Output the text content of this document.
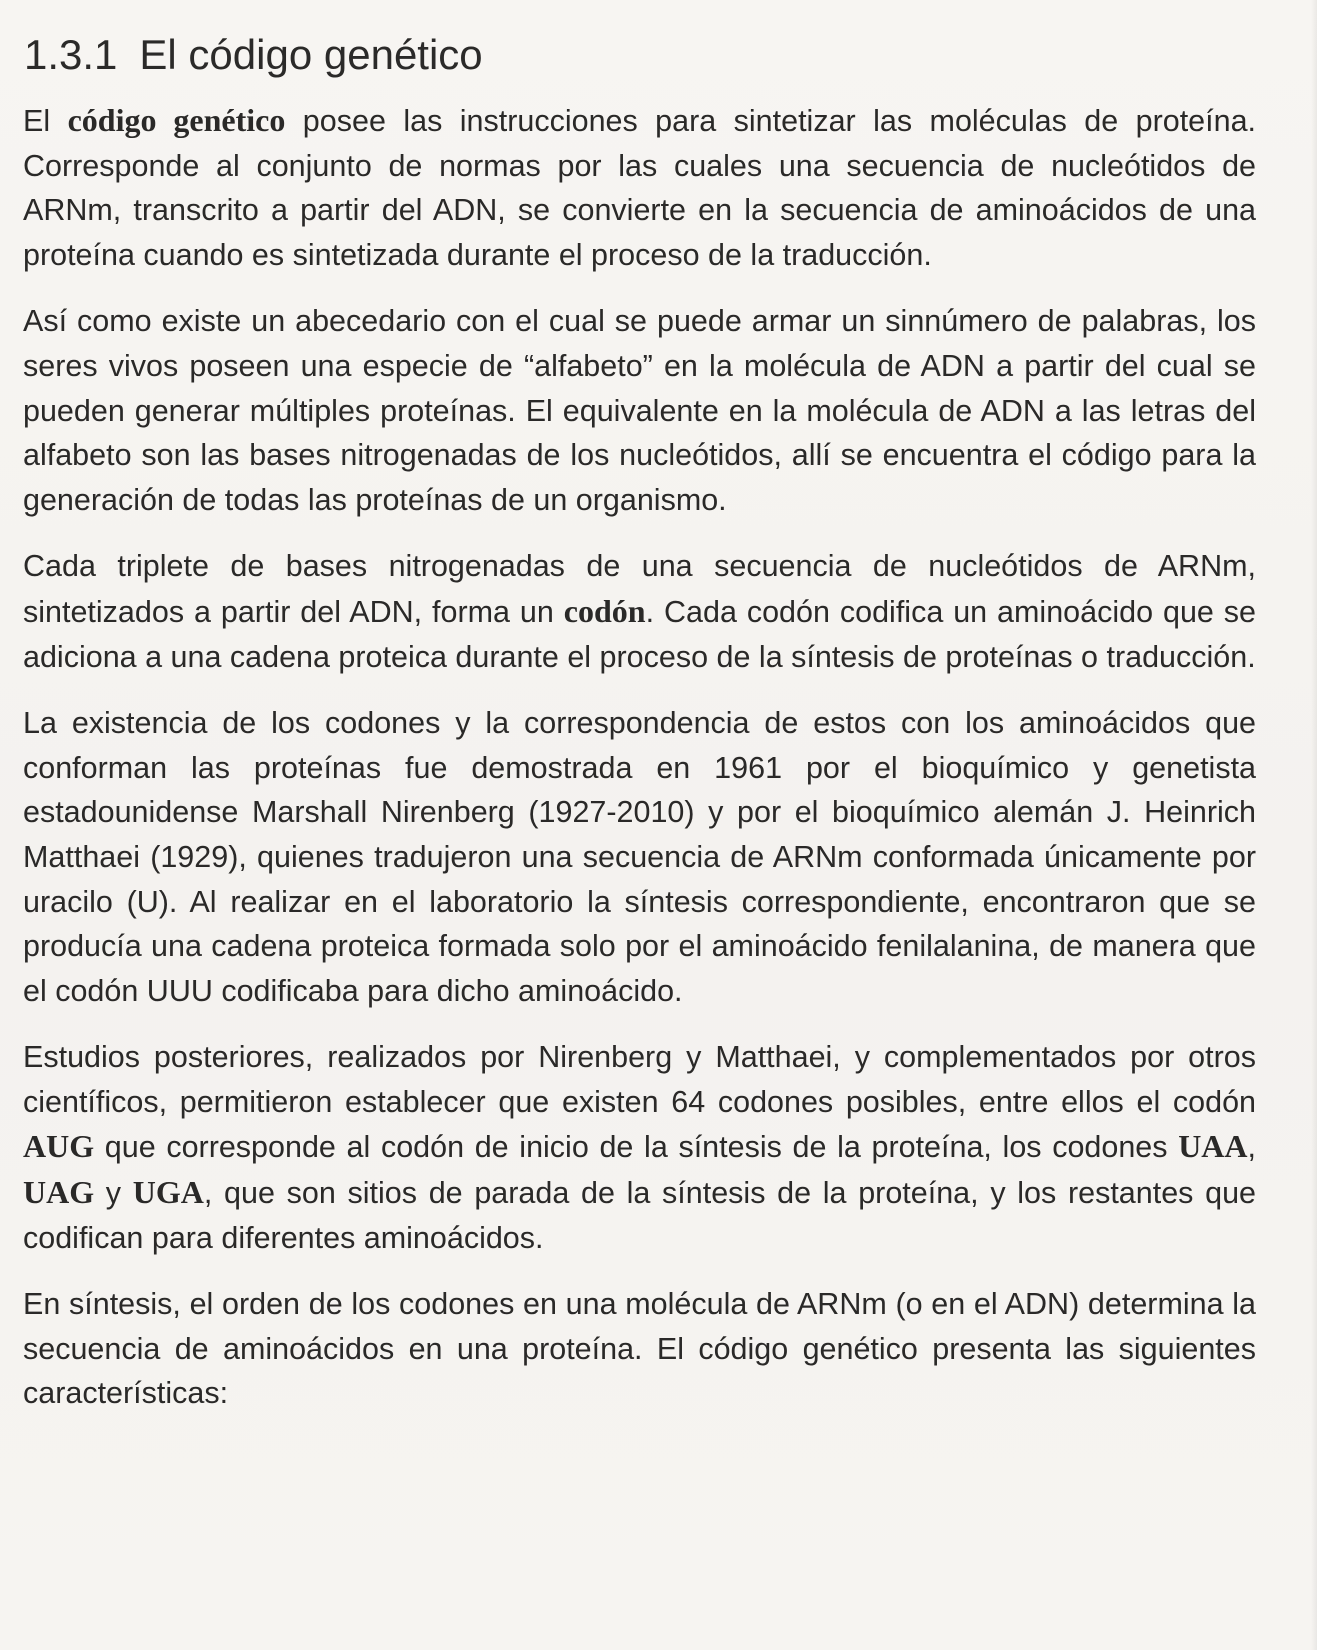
1.3.1 El código genético

El código genético posee las instrucciones para sintetizar las moléculas de proteína. Corresponde al conjunto de normas por las cuales una secuencia de nucleótidos de ARNm, transcrito a partir del ADN, se convierte en la secuencia de aminoácidos de una proteína cuando es sintetizada durante el proceso de la traducción.

Así como existe un abecedario con el cual se puede armar un sinnúmero de palabras, los seres vivos poseen una especie de “alfabeto” en la molécula de ADN a partir del cual se pueden generar múltiples proteínas. El equivalente en la molécula de ADN a las letras del alfabeto son las bases nitrogenadas de los nucleótidos, allí se encuentra el código para la generación de todas las proteínas de un organismo.

Cada triplete de bases nitrogenadas de una secuencia de nucleótidos de ARNm, sintetizados a partir del ADN, forma un codón. Cada codón codifica un aminoácido que se adiciona a una cadena proteica durante el proceso de la síntesis de proteínas o traducción.

La existencia de los codones y la correspondencia de estos con los aminoácidos que conforman las proteínas fue demostrada en 1961 por el bioquímico y genetista estadounidense Marshall Nirenberg (1927-2010) y por el bioquímico alemán J. Heinrich Matthaei (1929), quienes tradujeron una secuencia de ARNm conformada únicamente por uracilo (U). Al realizar en el laboratorio la síntesis correspondiente, encontraron que se producía una cadena proteica formada solo por el aminoácido fenilalanina, de manera que el codón UUU codificaba para dicho aminoácido.

Estudios posteriores, realizados por Nirenberg y Matthaei, y complementados por otros científicos, permitieron establecer que existen 64 codones posibles, entre ellos el codón AUG que corresponde al codón de inicio de la síntesis de la proteína, los codones UAA, UAG y UGA, que son sitios de parada de la síntesis de la proteína, y los restantes que codifican para diferentes aminoácidos.

En síntesis, el orden de los codones en una molécula de ARNm (o en el ADN) determina la secuencia de aminoácidos en una proteína. El código genético presenta las siguientes características:
